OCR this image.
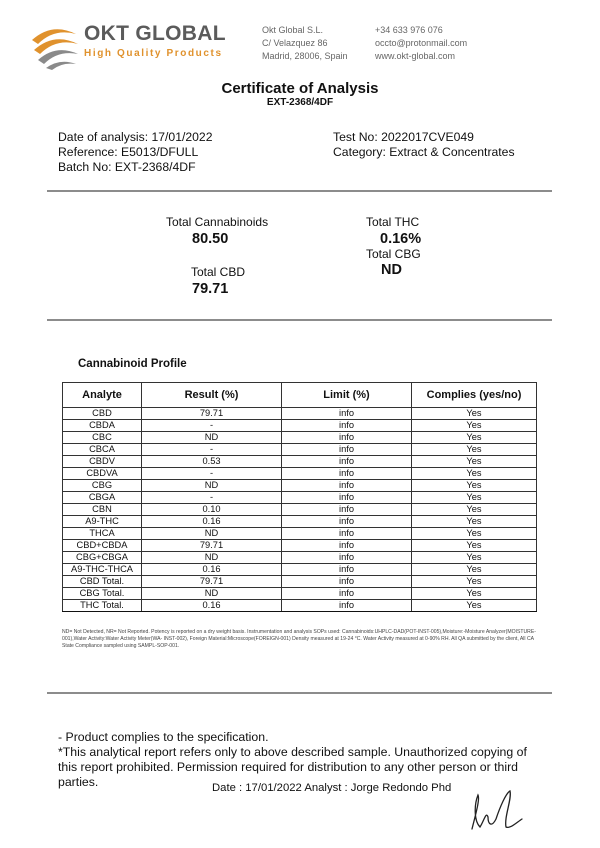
OKT GLOBAL
High Quality Products
Okt Global S.L.
C/ Velazquez 86
Madrid, 28006, Spain
+34 633 976 076
occto@protonmail.com
www.okt-global.com
Certificate of Analysis
EXT-2368/4DF
Date of analysis: 17/01/2022
Reference: E5013/DFULL
Batch No: EXT-2368/4DF
Test No: 2022017CVE049
Category: Extract & Concentrates
Total Cannabinoids
80.50
Total THC
0.16%
Total CBG
ND
Total CBD
79.71
Cannabinoid Profile
Analyte	Result (%)	Limit (%)	Complies (yes/no)
CBD	79.71	info	Yes
CBDA	-	info	Yes
CBC	ND	info	Yes
CBCA	-	info	Yes
CBDV	0.53	info	Yes
CBDVA	-	info	Yes
CBG	ND	info	Yes
CBGA	-	info	Yes
CBN	0.10	info	Yes
A9-THC	0.16	info	Yes
THCA	ND	info	Yes
CBD+CBDA	79.71	info	Yes
CBG+CBGA	ND	info	Yes
A9-THC-THCA	0.16	info	Yes
CBD Total.	79.71	info	Yes
CBG Total.	ND	info	Yes
THC Total.	0.16	info	Yes
ND= Not Detected, NR= Not Reported. Potency is reported on a dry weight basis. Instrumentation and analysis SOPs used: Cannabinoids:UHPLC-DAD(POT-INST-005),Moisture:-Moisture Analyzer(MOISTURE-001),Water Activity:Water Activity Meter(WA- INST-002), Foreign Material:Microscope(FOREIGN-001) Density measured at 19-24 °C. Water Activity measured at 0-90% RH. All QA submitted by the client, All CA State Compliance sampled using SAMPL-SOP-001.
- Product complies to the specification.
*This analytical report refers only to above described sample. Unauthorized copying of this report prohibited. Permission required for distribution to any other person or third parties.	Date : 17/01/2022 Analyst : Jorge Redondo Phd
